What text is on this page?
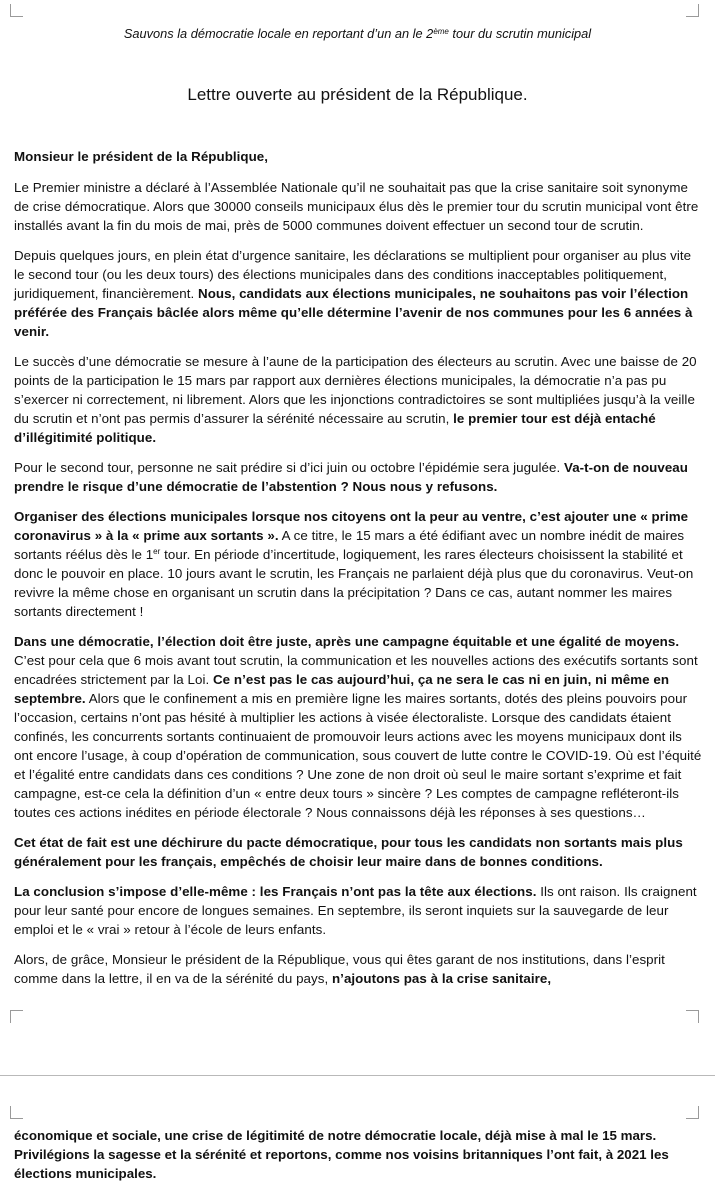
Sauvons la démocratie locale en reportant d’un an le 2ème tour du scrutin municipal
Lettre ouverte au président de la République.

Monsieur le président de la République,

Le Premier ministre a déclaré à l’Assemblée Nationale qu’il ne souhaitait pas que la crise sanitaire soit synonyme de crise démocratique. Alors que 30000 conseils municipaux élus dès le premier tour du scrutin municipal vont être installés avant la fin du mois de mai, près de 5000 communes doivent effectuer un second tour de scrutin.

Depuis quelques jours, en plein état d’urgence sanitaire, les déclarations se multiplient pour organiser au plus vite le second tour (ou les deux tours) des élections municipales dans des conditions inacceptables politiquement, juridiquement, financièrement. Nous, candidats aux élections municipales, ne souhaitons pas voir l’élection préférée des Français bâclée alors même qu’elle détermine l’avenir de nos communes pour les 6 années à venir.

Le succès d’une démocratie se mesure à l’aune de la participation des électeurs au scrutin. Avec une baisse de 20 points de la participation le 15 mars par rapport aux dernières élections municipales, la démocratie n’a pas pu s’exercer ni correctement, ni librement. Alors que les injonctions contradictoires se sont multipliées jusqu’à la veille du scrutin et n’ont pas permis d’assurer la sérénité nécessaire au scrutin, le premier tour est déjà entaché d’illégitimité politique.

Pour le second tour, personne ne sait prédire si d’ici juin ou octobre l’épidémie sera jugulée. Va-t-on de nouveau prendre le risque d’une démocratie de l’abstention ? Nous nous y refusons.

Organiser des élections municipales lorsque nos citoyens ont la peur au ventre, c’est ajouter une « prime coronavirus » à la « prime aux sortants ». A ce titre, le 15 mars a été édifiant avec un nombre inédit de maires sortants réélus dès le 1er tour. En période d’incertitude, logiquement, les rares électeurs choisissent la stabilité et donc le pouvoir en place. 10 jours avant le scrutin, les Français ne parlaient déjà plus que du coronavirus. Veut-on revivre la même chose en organisant un scrutin dans la précipitation ? Dans ce cas, autant nommer les maires sortants directement !

Dans une démocratie, l’élection doit être juste, après une campagne équitable et une égalité de moyens. C’est pour cela que 6 mois avant tout scrutin, la communication et les nouvelles actions des exécutifs sortants sont encadrées strictement par la Loi. Ce n’est pas le cas aujourd’hui, ça ne sera le cas ni en juin, ni même en septembre. Alors que le confinement a mis en première ligne les maires sortants, dotés des pleins pouvoirs pour l’occasion, certains n’ont pas hésité à multiplier les actions à visée électoraliste. Lorsque des candidats étaient confinés, les concurrents sortants continuaient de promouvoir leurs actions avec les moyens municipaux dont ils ont encore l’usage, à coup d’opération de communication, sous couvert de lutte contre le COVID-19. Où est l’équité et l’égalité entre candidats dans ces conditions ? Une zone de non droit où seul le maire sortant s’exprime et fait campagne, est-ce cela la définition d’un « entre deux tours » sincère ? Les comptes de campagne refléteront-ils toutes ces actions inédites en période électorale ? Nous connaissons déjà les réponses à ses questions…

Cet état de fait est une déchirure du pacte démocratique, pour tous les candidats non sortants mais plus généralement pour les français, empêchés de choisir leur maire dans de bonnes conditions.

La conclusion s’impose d’elle-même : les Français n’ont pas la tête aux élections. Ils ont raison. Ils craignent pour leur santé pour encore de longues semaines. En septembre, ils seront inquiets sur la sauvegarde de leur emploi et le « vrai » retour à l’école de leurs enfants.

Alors, de grâce, Monsieur le président de la République, vous qui êtes garant de nos institutions, dans l’esprit comme dans la lettre, il en va de la sérénité du pays, n’ajoutons pas à la crise sanitaire,

économique et sociale, une crise de légitimité de notre démocratie locale, déjà mise à mal le 15 mars. Privilégions la sagesse et la sérénité et reportons, comme nos voisins britanniques l’ont fait, à 2021 les élections municipales.
